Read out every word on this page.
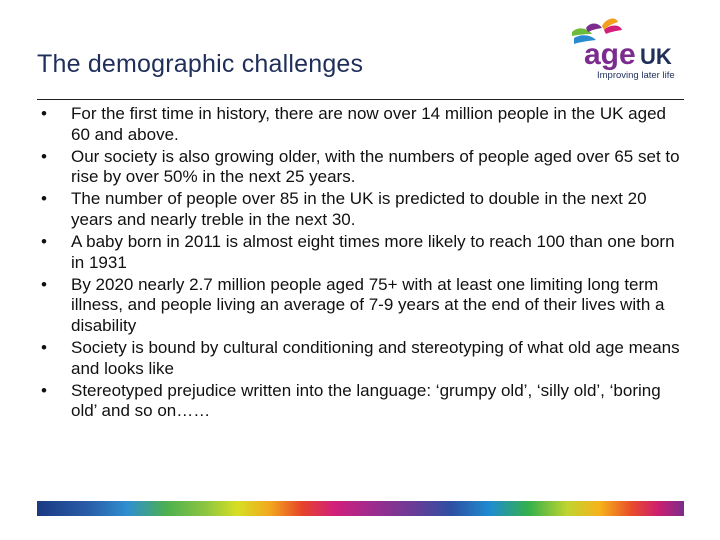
The demographic challenges	age UK
Improving later life
•	For the first time in history, there are now over 14 million people in the UK aged 60 and above.
•	Our society is also growing older, with the numbers of people aged over 65 set to rise by over 50% in the next 25 years.
•	The number of people over 85 in the UK is predicted to double in the next 20 years and nearly treble in the next 30.
•	A baby born in 2011 is almost eight times more likely to reach 100 than one born in 1931
•	By 2020 nearly 2.7 million people aged 75+ with at least one limiting long term illness, and people living an average of 7-9 years at the end of their lives with a disability
•	Society is bound by cultural conditioning and stereotyping of what old age means and looks like
•	Stereotyped prejudice written into the language: ‘grumpy old’, ‘silly old’, ‘boring old’ and so on……
